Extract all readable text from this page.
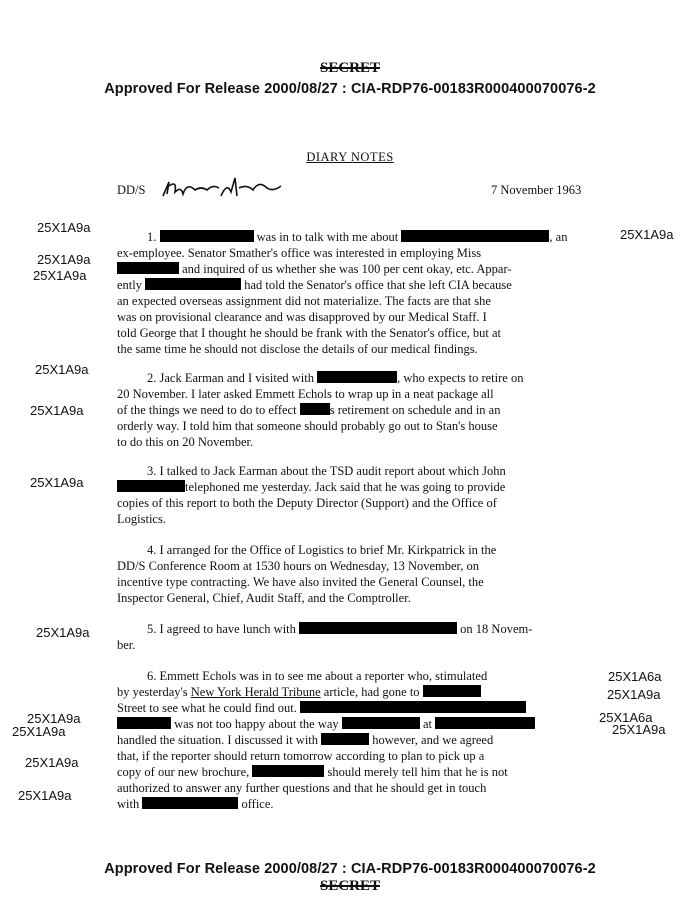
SECRET
Approved For Release 2000/08/27 : CIA-RDP76-00183R000400070076-2
DIARY NOTES
DD/S	7 November 1963
25X1A9a
25X1A9a
25X1A9a
25X1A9a
25X1A9a
25X1A9a
25X1A9a
25X1A9a
25X1A9a
25X1A9a
25X1A9a
25X1A9a
25X1A6a
25X1A9a
25X1A6a
25X1A9a
1.	was in to talk with me about	, an
ex-employee. Senator Smather's office was interested in employing Miss
and inquired of us whether she was 100 per cent okay, etc. Appar-
ently	had told the Senator's office that she left CIA because
an expected overseas assignment did not materialize. The facts are that she
was on provisional clearance and was disapproved by our Medical Staff. I
told George that I thought he should be frank with the Senator's office, but at
the same time he should not disclose the details of our medical findings.
2. Jack Earman and I visited with	, who expects to retire on
20 November. I later asked Emmett Echols to wrap up in a neat package all
of the things we need to do to effect	s retirement on schedule and in an
orderly way. I told him that someone should probably go out to Stan's house
to do this on 20 November.
3. I talked to Jack Earman about the TSD audit report about which John
telephoned me yesterday. Jack said that he was going to provide
copies of this report to both the Deputy Director (Support) and the Office of
Logistics.
4. I arranged for the Office of Logistics to brief Mr. Kirkpatrick in the
DD/S Conference Room at 1530 hours on Wednesday, 13 November, on
incentive type contracting. We have also invited the General Counsel, the
Inspector General, Chief, Audit Staff, and the Comptroller.
5. I agreed to have lunch with	on 18 Novem-
ber.
6. Emmett Echols was in to see me about a reporter who, stimulated
by yesterday's New York Herald Tribune article, had gone to
Street to see what he could find out.
was not too happy about the way	at
handled the situation. I discussed it with	however, and we agreed
that, if the reporter should return tomorrow according to plan to pick up a
copy of our new brochure,	should merely tell him that he is not
authorized to answer any further questions and that he should get in touch
with	office.
Approved For Release 2000/08/27 : CIA-RDP76-00183R000400070076-2
SECRET
